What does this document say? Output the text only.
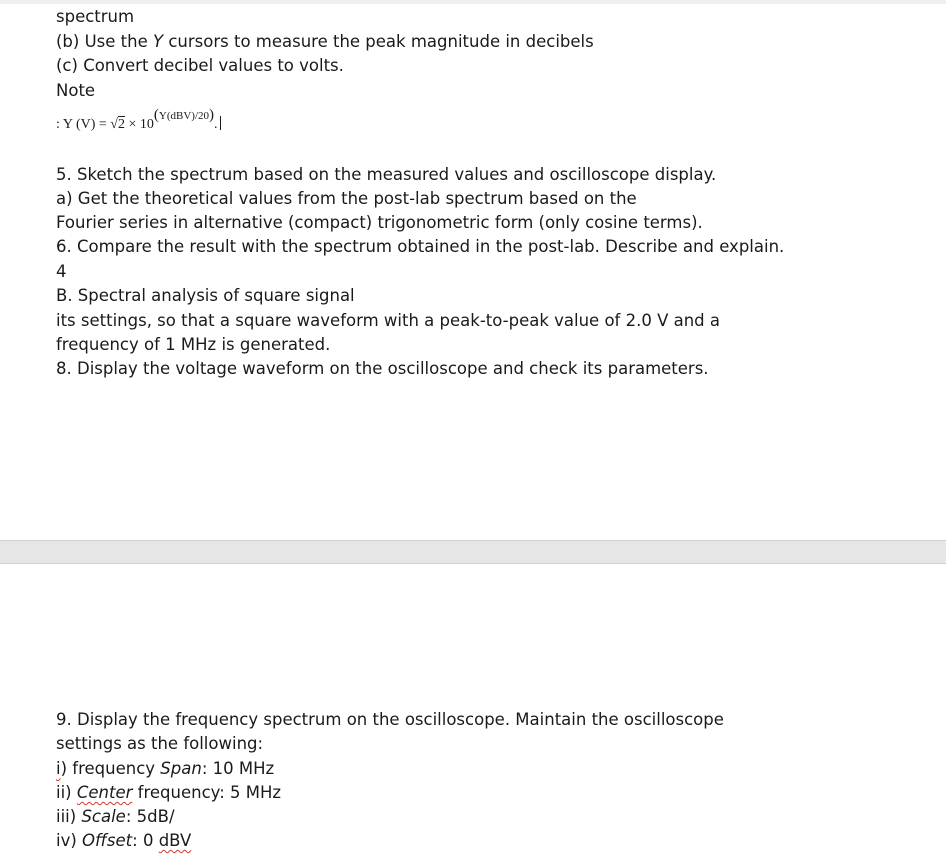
spectrum

(b) Use the Y cursors to measure the peak magnitude in decibels

(c) Convert decibel values to volts.

Note

: Y $(V) = √2 \times 10^{(Y(dBV)/20)}$.

5. Sketch the spectrum based on the measured values and oscilloscope display.

a) Get the theoretical values from the post-lab spectrum based on the

Fourier series in alternative (compact) trigonometric form (only cosine terms).

6. Compare the result with the spectrum obtained in the post-lab. Describe and explain.

4

B. Spectral analysis of square signal

its settings, so that a square waveform with a peak-to-peak value of 2.0 V and a

frequency of 1 MHz is generated.

8. Display the voltage waveform on the oscilloscope and check its parameters.

9. Display the frequency spectrum on the oscilloscope. Maintain the oscilloscope

settings as the following:

i) frequency Span: 10 MHz

ii) Center frequency: 5 MHz

iii) Scale: 5dB/

iv) Offset: 0 dBV
